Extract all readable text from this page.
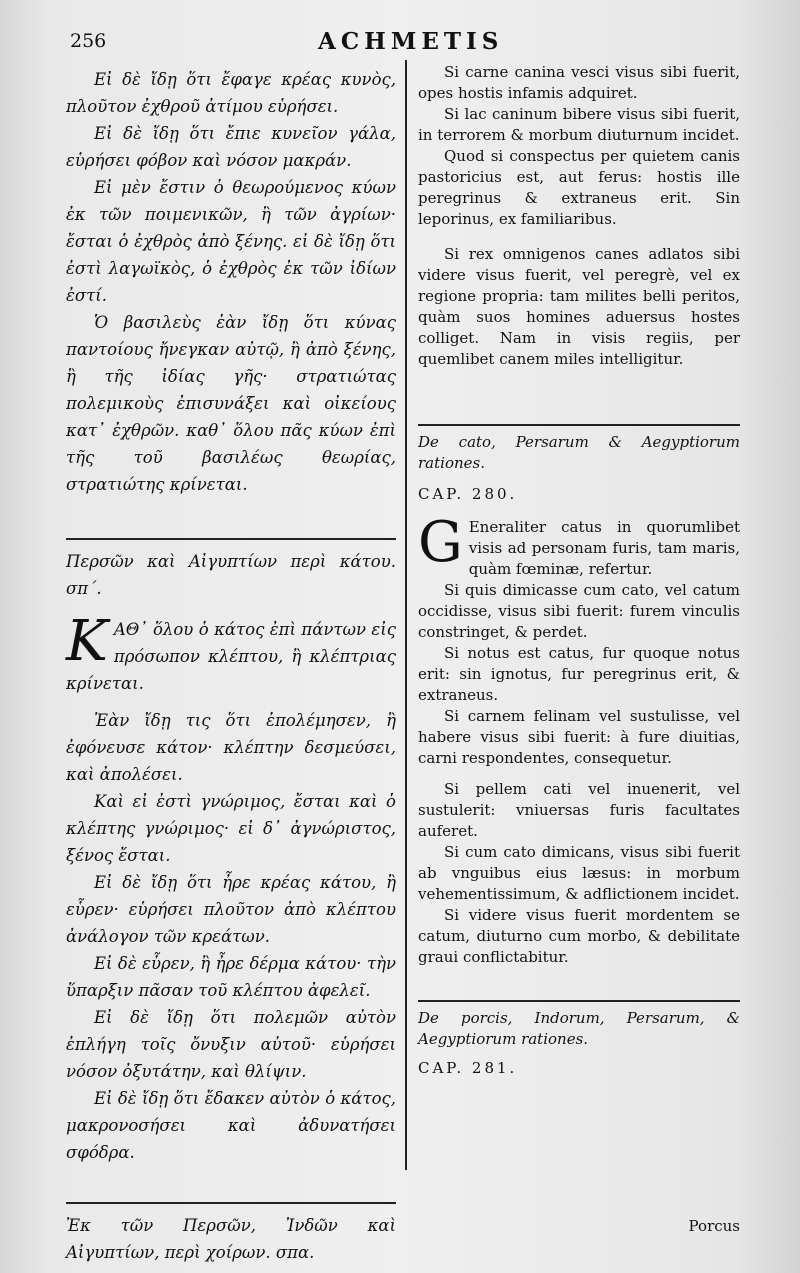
256	ACHMETIS

Εἰ δὲ ἴδῃ ὅτι ἔφαγε κρέας κυνὸς, πλοῦτον ἐχθροῦ ἀτίμου εὑρήσει.

Εἰ δὲ ἴδῃ ὅτι ἔπιε κυνεῖον γάλα, εὑρήσει φόβον καὶ νόσον μακράν.

Εἰ μὲν ἔστιν ὁ θεωρούμενος κύων ἐκ τῶν ποιμενικῶν, ἢ τῶν ἀγρίων· ἔσται ὁ ἐχθρὸς ἀπὸ ξένης. εἰ δὲ ἴδῃ ὅτι ἐστὶ λαγωϊκὸς, ὁ ἐχθρὸς ἐκ τῶν ἰδίων ἐστί.

Ὁ βασιλεὺς ἐὰν ἴδῃ ὅτι κύνας παντοίους ἤνεγκαν αὐτῷ, ἢ ἀπὸ ξένης, ἢ τῆς ἰδίας γῆς· στρατιώτας πολεμικοὺς ἐπισυνάξει καὶ οἰκείους κατ᾽ ἐχθρῶν. καθ᾽ ὅλου πᾶς κύων ἐπὶ τῆς τοῦ βασιλέως θεωρίας, στρατιώτης κρίνεται.

Περσῶν καὶ Αἰγυπτίων περὶ κάτου. σπ΄.

ΚΑΘ᾽ ὅλου ὁ κάτος ἐπὶ πάντων εἰς πρόσωπον κλέπτου, ἢ κλέπτριας κρίνεται.

Ἐὰν ἴδῃ τις ὅτι ἐπολέμησεν, ἢ ἐφόνευσε κάτον· κλέπτην δεσμεύσει, καὶ ἀπολέσει.

Καὶ εἰ ἐστὶ γνώριμος, ἔσται καὶ ὁ κλέπτης γνώριμος· εἰ δ᾽ ἀγνώριστος, ξένος ἔσται.

Εἰ δὲ ἴδῃ ὅτι ἦρε κρέας κάτου, ἢ εὗρεν· εὑρήσει πλοῦτον ἀπὸ κλέπτου ἀνάλογον τῶν κρεάτων.

Εἰ δὲ εὗρεν, ἢ ἦρε δέρμα κάτου· τὴν ὕπαρξιν πᾶσαν τοῦ κλέπτου ἀφελεῖ.

Εἰ δὲ ἴδῃ ὅτι πολεμῶν αὐτὸν ἐπλήγη τοῖς ὄνυξιν αὐτοῦ· εὑρήσει νόσον ὀξυτάτην, καὶ θλίψιν.

Εἰ δὲ ἴδῃ ὅτι ἔδακεν αὐτὸν ὁ κάτος, μακρονοσήσει καὶ ἀδυνατήσει σφόδρα.

Ἐκ τῶν Περσῶν, Ἰνδῶν καὶ Αἰγυπτίων, περὶ χοίρων. σπα.

Si carne canina vesci visus sibi fuerit, opes hostis infamis adquiret.

Si lac caninum bibere visus sibi fuerit, in terrorem & morbum diuturnum incidet.

Quod si conspectus per quietem canis pastoricius est, aut ferus: hostis ille peregrinus & extraneus erit. Sin leporinus, ex familiaribus.

Si rex omnigenos canes adlatos sibi videre visus fuerit, vel peregrè, vel ex regione propria: tam milites belli peritos, quàm suos homines aduersus hostes colliget. Nam in visis regiis, per quemlibet canem miles intelligitur.

De cato, Persarum & Aegyptiorum rationes.

CAP. 280.

G Eneraliter catus in quorumlibet visis ad personam furis, tam maris, quàm fœminæ, refertur.

Si quis dimicasse cum cato, vel catum occidisse, visus sibi fuerit: furem vinculis constringet, & perdet.

Si notus est catus, fur quoque notus erit: sin ignotus, fur peregrinus erit, & extraneus.

Si carnem felinam vel sustulisse, vel habere visus sibi fuerit: à fure diuitias, carni respondentes, consequetur.

Si pellem cati vel inuenerit, vel sustulerit: vniuersas furis facultates auferet.

Si cum cato dimicans, visus sibi fuerit ab vnguibus eius læsus: in morbum vehementissimum, & adflictionem incidet.

Si videre visus fuerit mordentem se catum, diuturno cum morbo, & debilitate graui conflictabitur.

De porcis, Indorum, Persarum, & Aegyptiorum rationes.

CAP. 281.

Porcus
